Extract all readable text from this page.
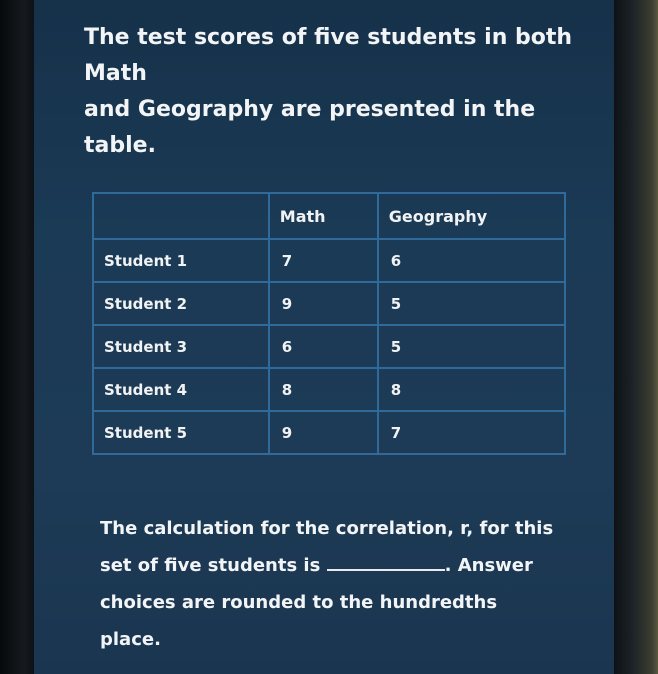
The test scores of five students in both Math
and Geography are presented in the table.
	Math	Geography
Student 1	7	6
Student 2	9	5
Student 3	6	5
Student 4	8	8
Student 5	9	7
The calculation for the correlation, r, for this
set of five students is	. Answer
choices are rounded to the hundredths
place.
